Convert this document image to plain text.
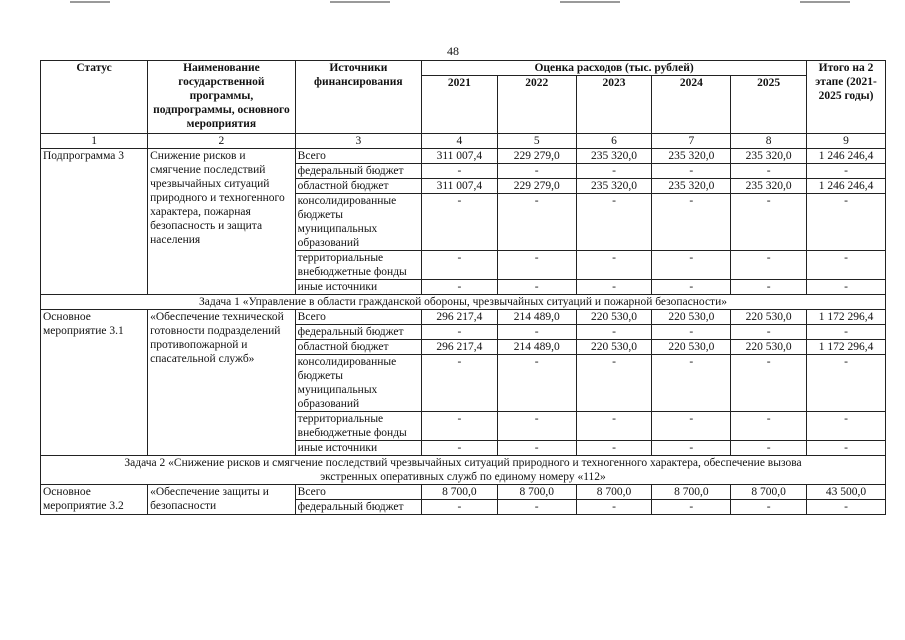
48
Статус	Наименование государственной программы, подпрограммы, основного мероприятия	Источники финансирования	Оценка расходов (тыс. рублей)					Итого на 2 этапе (2021-2025 годы)
			2021	2022	2023	2024	2025	
1	2	3	4	5	6	7	8	9
Подпрограмма 3	Снижение рисков и смягчение последствий чрезвычайных ситуаций природного и техногенного характера, пожарная безопасность и защита населения	Всего	311 007,4	229 279,0	235 320,0	235 320,0	235 320,0	1 246 246,4
		федеральный бюджет	-	-	-	-	-	-
		областной бюджет	311 007,4	229 279,0	235 320,0	235 320,0	235 320,0	1 246 246,4
		консолидированные бюджеты муниципальных образований	-	-	-	-	-	-
		территориальные внебюджетные фонды	-	-	-	-	-	-
		иные источники	-	-	-	-	-	-
Задача 1 «Управление в области гражданской обороны, чрезвычайных ситуаций и пожарной безопасности»								
Основное мероприятие 3.1	«Обеспечение технической готовности подразделений противопожарной и спасательной служб»	Всего	296 217,4	214 489,0	220 530,0	220 530,0	220 530,0	1 172 296,4
		федеральный бюджет	-	-	-	-	-	-
		областной бюджет	296 217,4	214 489,0	220 530,0	220 530,0	220 530,0	1 172 296,4
		консолидированные бюджеты муниципальных образований	-	-	-	-	-	-
		территориальные внебюджетные фонды	-	-	-	-	-	-
		иные источники	-	-	-	-	-	-

Задача 2 «Снижение рисков и смягчение последствий чрезвычайных ситуаций природного и техногенного характера, обеспечение вызова
экстренных оперативных служб по единому номеру «112»								

Основное мероприятие 3.2	«Обеспечение защиты и безопасности	Всего	8 700,0	8 700,0	8 700,0	8 700,0	8 700,0	43 500,0
		федеральный бюджет	-	-	-	-	-	-
